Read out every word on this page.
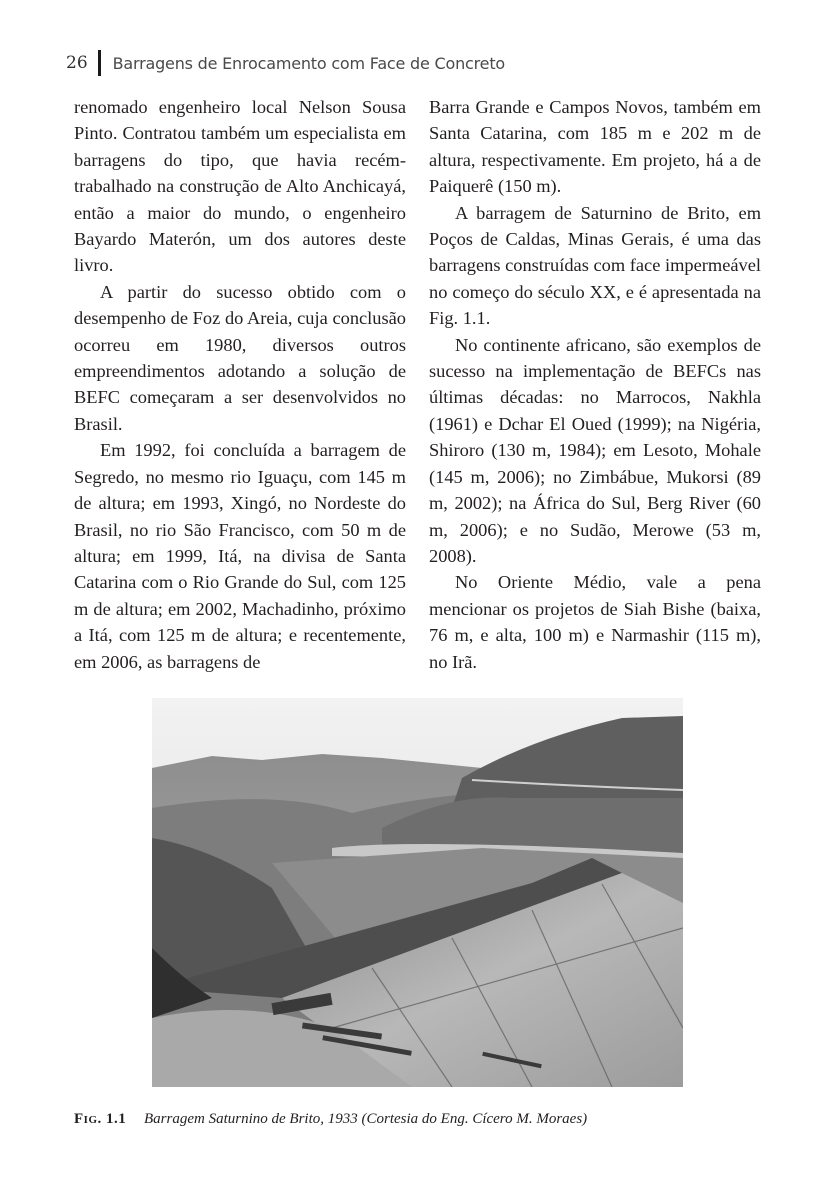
26 Barragens de Enrocamento com Face de Concreto

renomado engenheiro local Nelson Sousa Pinto. Contratou também um especialista em barragens do tipo, que havia recém-trabalhado na construção de Alto Anchicayá, então a maior do mundo, o engenheiro Bayardo Materón, um dos autores deste livro.

A partir do sucesso obtido com o desempenho de Foz do Areia, cuja conclusão ocorreu em 1980, diversos outros empreendimentos adotando a solução de BEFC começaram a ser desenvolvidos no Brasil.

Em 1992, foi concluída a barragem de Segredo, no mesmo rio Iguaçu, com 145 m de altura; em 1993, Xingó, no Nordeste do Brasil, no rio São Francisco, com 50 m de altura; em 1999, Itá, na divisa de Santa Catarina com o Rio Grande do Sul, com 125 m de altura; em 2002, Machadinho, próximo a Itá, com 125 m de altura; e recentemente, em 2006, as barragens de

Barra Grande e Campos Novos, também em Santa Catarina, com 185 m e 202 m de altura, respectivamente. Em projeto, há a de Paiquerê (150 m).

A barragem de Saturnino de Brito, em Poços de Caldas, Minas Gerais, é uma das barragens construídas com face impermeável no começo do século XX, e é apresentada na Fig. 1.1.

No continente africano, são exemplos de sucesso na implementação de BEFCs nas últimas décadas: no Marrocos, Nakhla (1961) e Dchar El Oued (1999); na Nigéria, Shiroro (130 m, 1984); em Lesoto, Mohale (145 m, 2006); no Zimbábue, Mukorsi (89 m, 2002); na África do Sul, Berg River (60 m, 2006); e no Sudão, Merowe (53 m, 2008).

No Oriente Médio, vale a pena mencionar os projetos de Siah Bishe (baixa, 76 m, e alta, 100 m) e Narmashir (115 m), no Irã.

Fig. 1.1 Barragem Saturnino de Brito, 1933 (Cortesia do Eng. Cícero M. Moraes)
